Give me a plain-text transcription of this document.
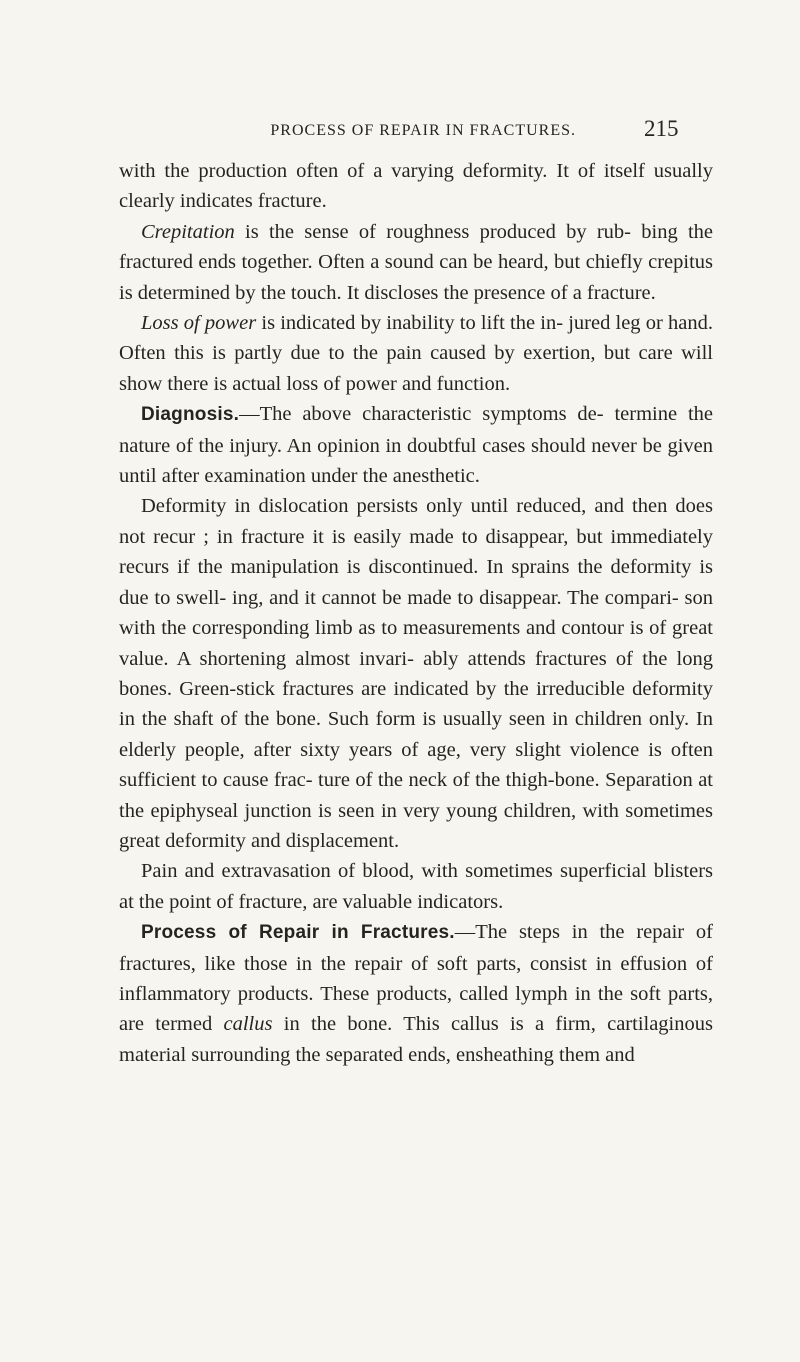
PROCESS OF REPAIR IN FRACTURES.	215

with the production often of a varying deformity. It of itself usually clearly indicates fracture.

Crepitation is the sense of roughness produced by rub- bing the fractured ends together. Often a sound can be heard, but chiefly crepitus is determined by the touch. It discloses the presence of a fracture.

Loss of power is indicated by inability to lift the in- jured leg or hand. Often this is partly due to the pain caused by exertion, but care will show there is actual loss of power and function.

Diagnosis.—The above characteristic symptoms de- termine the nature of the injury. An opinion in doubtful cases should never be given until after examination under the anesthetic.

Deformity in dislocation persists only until reduced, and then does not recur ; in fracture it is easily made to disappear, but immediately recurs if the manipulation is discontinued. In sprains the deformity is due to swell- ing, and it cannot be made to disappear. The compari- son with the corresponding limb as to measurements and contour is of great value. A shortening almost invari- ably attends fractures of the long bones. Green-stick fractures are indicated by the irreducible deformity in the shaft of the bone. Such form is usually seen in children only. In elderly people, after sixty years of age, very slight violence is often sufficient to cause frac- ture of the neck of the thigh-bone. Separation at the epiphyseal junction is seen in very young children, with sometimes great deformity and displacement.

Pain and extravasation of blood, with sometimes superficial blisters at the point of fracture, are valuable indicators.

Process of Repair in Fractures.—The steps in the repair of fractures, like those in the repair of soft parts, consist in effusion of inflammatory products. These products, called lymph in the soft parts, are termed callus in the bone. This callus is a firm, cartilaginous material surrounding the separated ends, ensheathing them and
